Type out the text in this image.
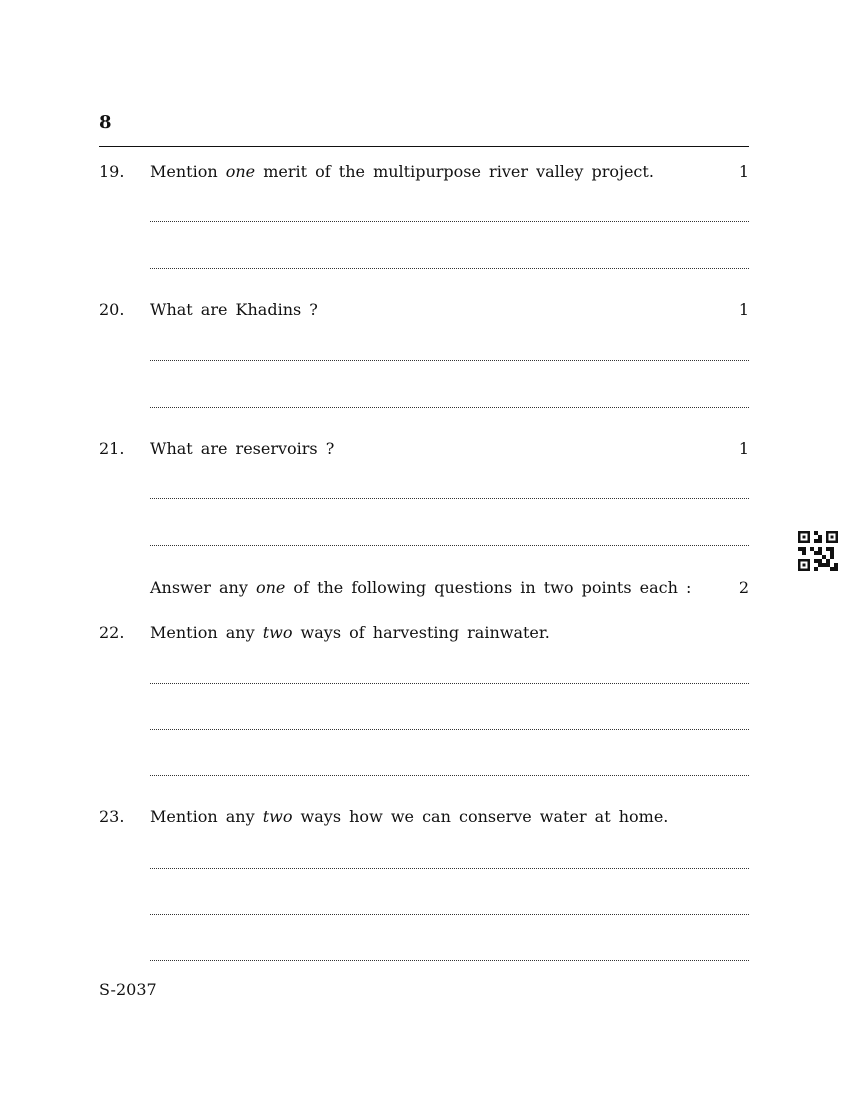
8
19. Mention one merit of the multipurpose river valley project.	1
20. What are Khadins ?	1
21. What are reservoirs ?	1
Answer any one of the following questions in two points each :	2
22. Mention any two ways of harvesting rainwater.
23. Mention any two ways how we can conserve water at home.
S-2037
